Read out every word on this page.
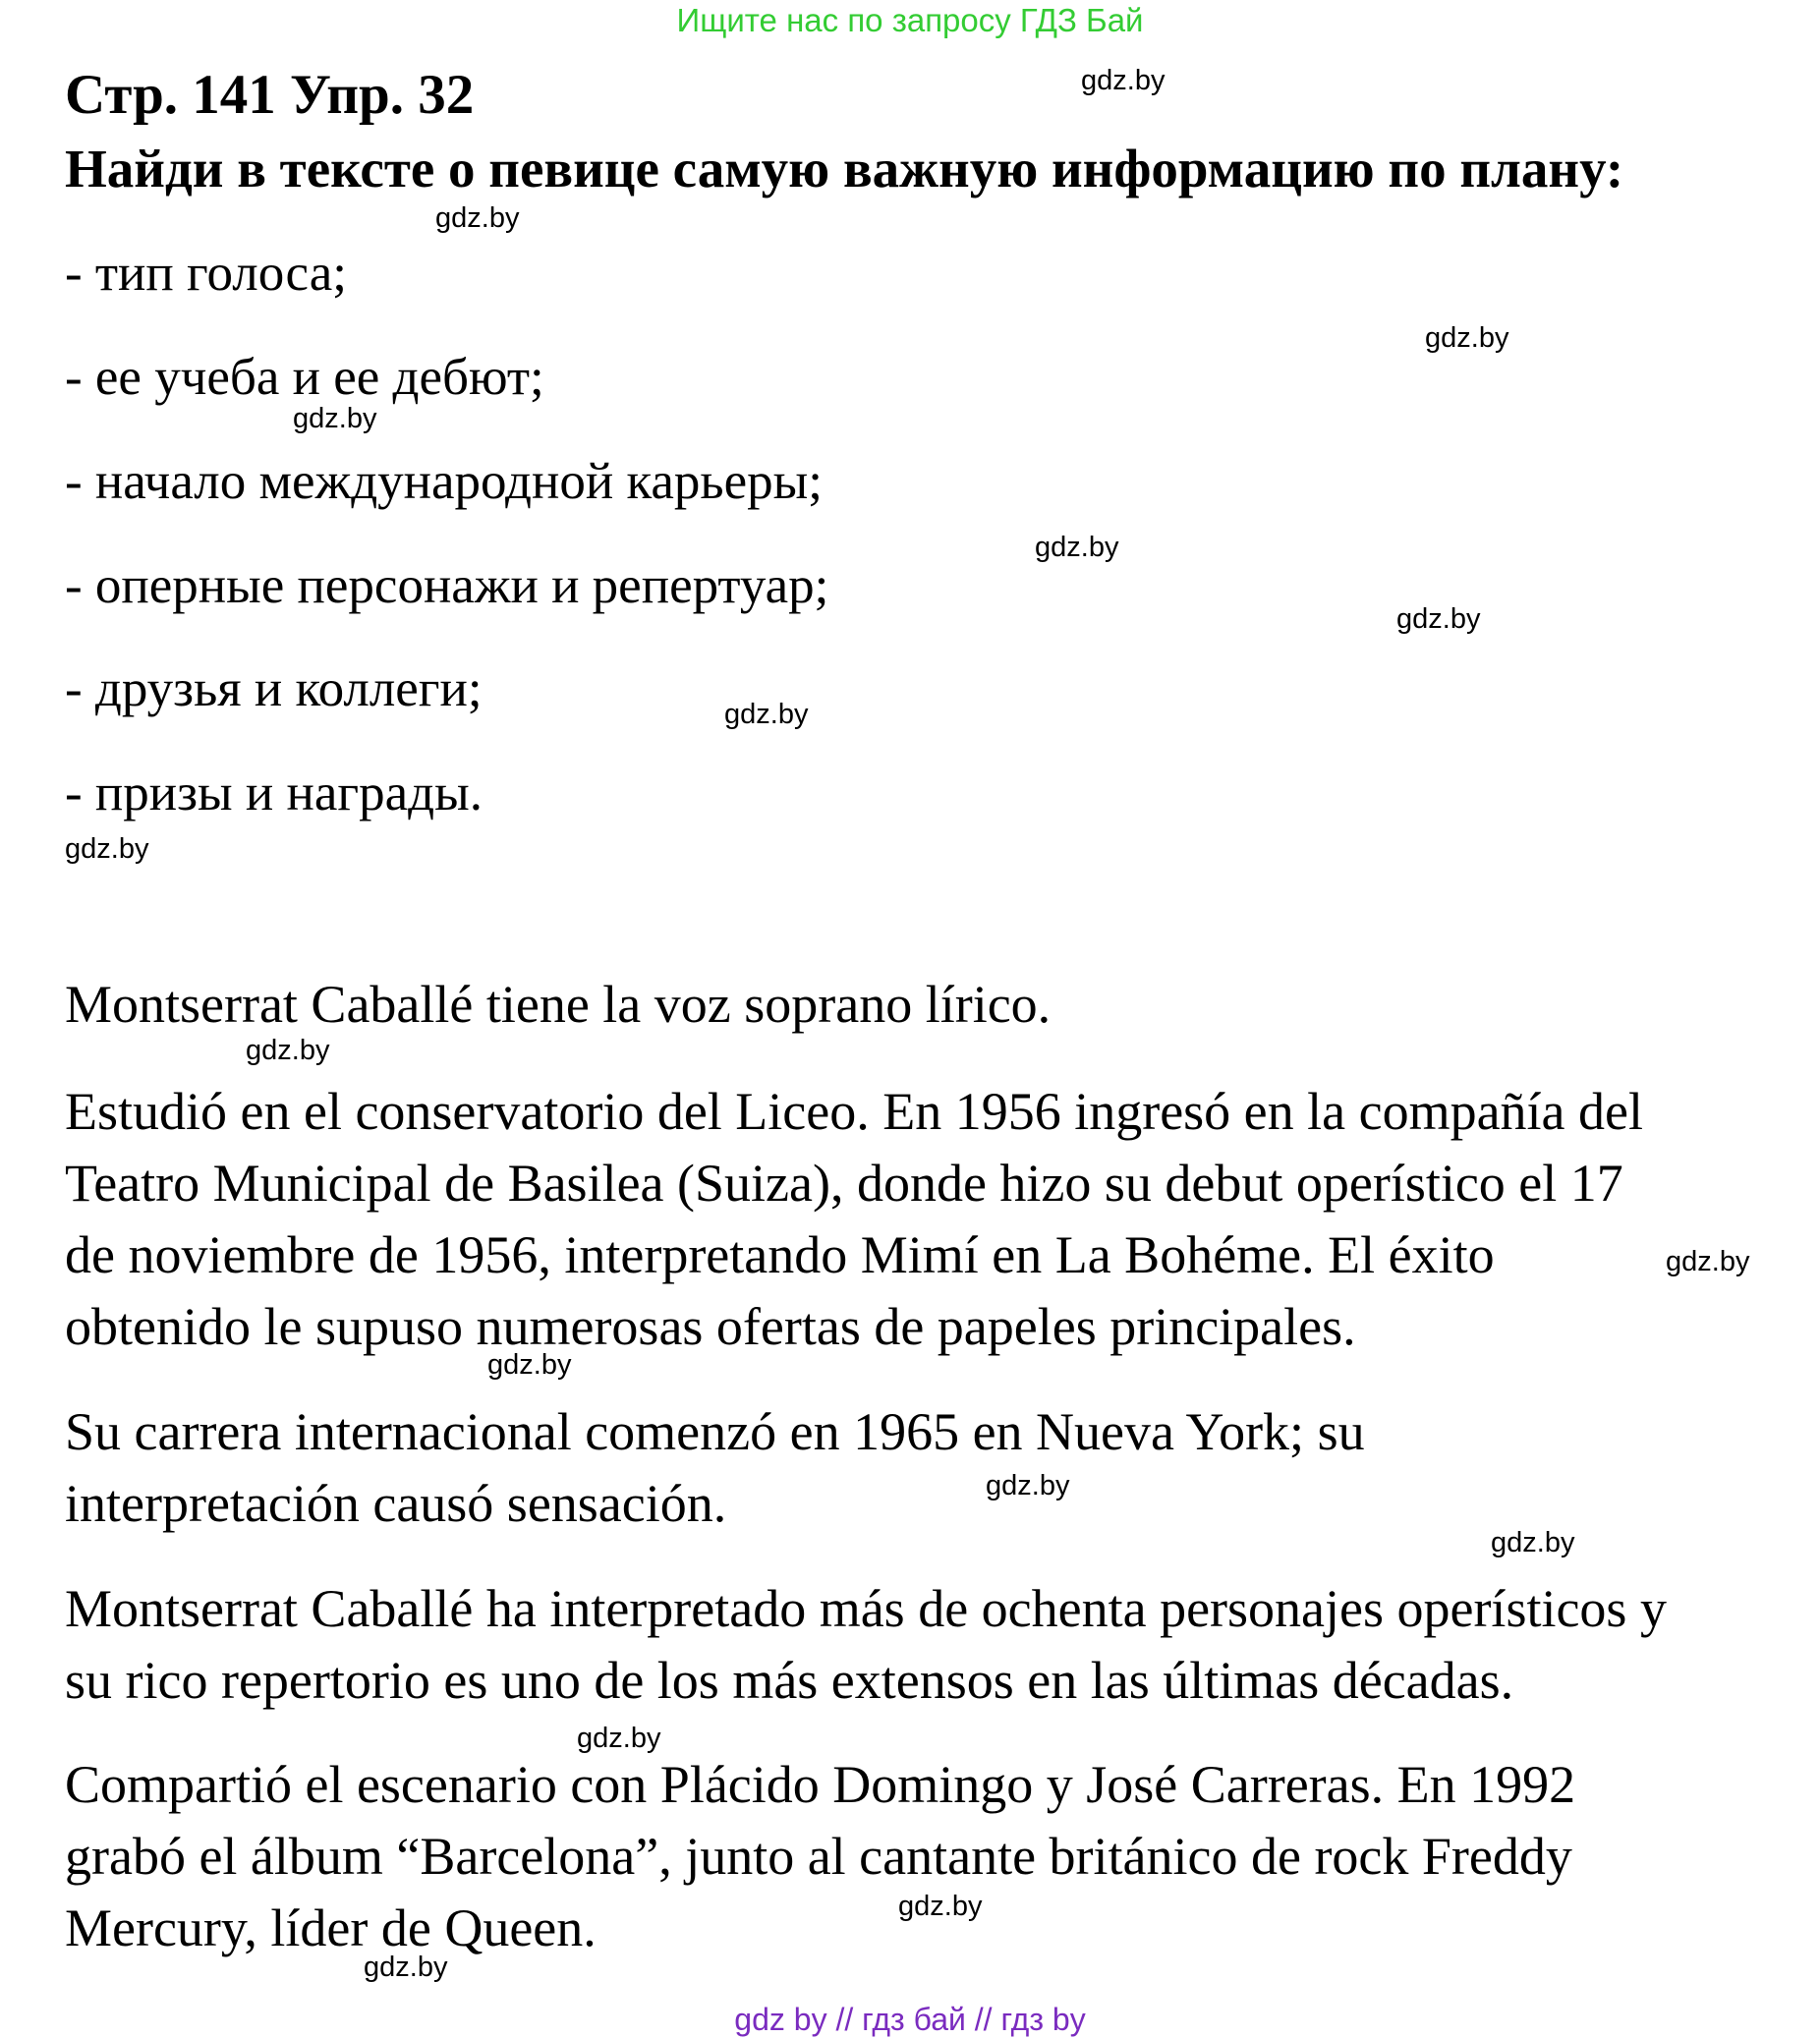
Ищите нас по запросу ГДЗ Бай
Стр. 141 Упр. 32
Найди в тексте о певице самую важную информацию по плану:
- тип голоса;
- ее учеба и ее дебют;
- начало международной карьеры;
- оперные персонажи и репертуар;
- друзья и коллеги;
- призы и награды.
Montserrat Caballé tiene la voz soprano lírico.
Estudió en el conservatorio del Liceo. En 1956 ingresó en la compañía del
Teatro Municipal de Basilea (Suiza), donde hizo su debut operístico el 17
de noviembre de 1956, interpretando Mimí en La Bohéme. El éxito
obtenido le supuso numerosas ofertas de papeles principales.
Su carrera internacional comenzó en 1965 en Nueva York; su
interpretación causó sensación.
Montserrat Caballé ha interpretado más de ochenta personajes operísticos y
su rico repertorio es uno de los más extensos en las últimas décadas.
Compartió el escenario con Plácido Domingo y José Carreras. En 1992
grabó el álbum “Barcelona”, junto al cantante británico de rock Freddy
Mercury, líder de Queen.
gdz.by
gdz.by
gdz.by
gdz.by
gdz.by
gdz.by
gdz.by
gdz.by
gdz.by
gdz.by
gdz.by
gdz.by
gdz.by
gdz.by
gdz.by
gdz.by
gdz by // гдз бай // гдз by
